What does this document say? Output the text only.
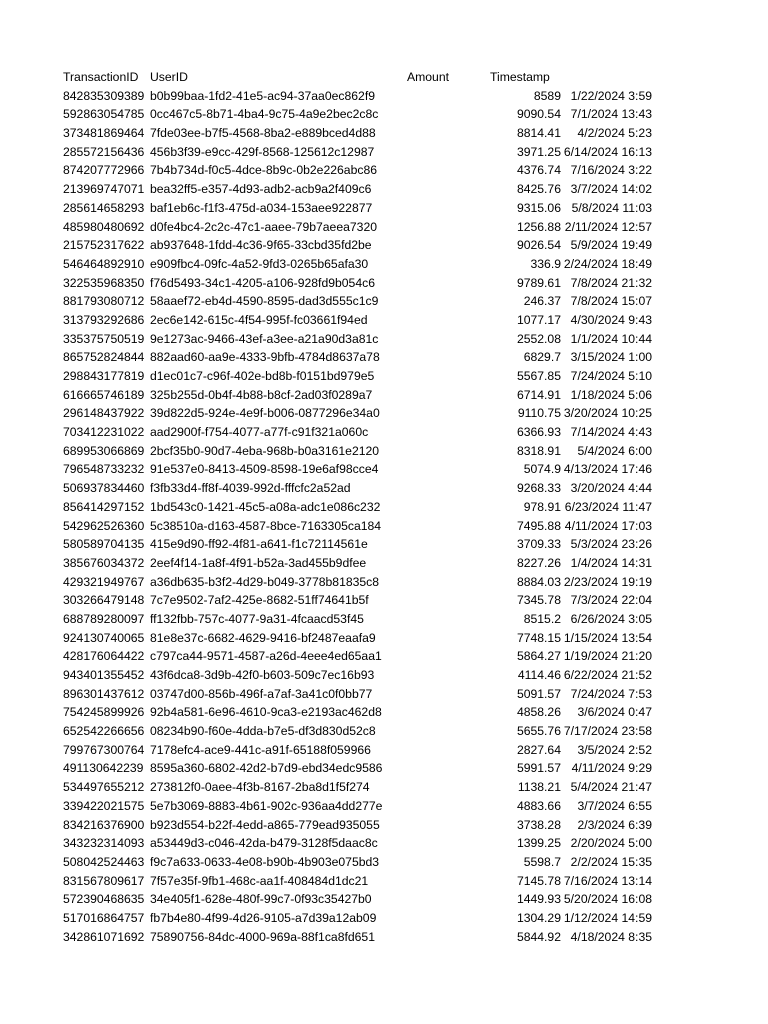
TransactionID UserID	Amount	Timestamp
842835309389 b0b99baa-1fd2-41e5-ac94-37aa0ec862f9	8589 1/22/2024 3:59
592863054785 0cc467c5-8b71-4ba4-9c75-4a9e2bec2c8c	9090.54 7/1/2024 13:43
373481869464 7fde03ee-b7f5-4568-8ba2-e889bced4d88	8814.41 4/2/2024 5:23
285572156436 456b3f39-e9cc-429f-8568-125612c12987	3971.25 6/14/2024 16:13
874207772966 7b4b734d-f0c5-4dce-8b9c-0b2e226abc86	4376.74 7/16/2024 3:22
213969747071 bea32ff5-e357-4d93-adb2-acb9a2f409c6	8425.76 3/7/2024 14:02
285614658293 baf1eb6c-f1f3-475d-a034-153aee922877	9315.06 5/8/2024 11:03
485980480692 d0fe4bc4-2c2c-47c1-aaee-79b7aeea7320	1256.88 2/11/2024 12:57
215752317622 ab937648-1fdd-4c36-9f65-33cbd35fd2be	9026.54 5/9/2024 19:49
546464892910 e909fbc4-09fc-4a52-9fd3-0265b65afa30	336.9 2/24/2024 18:49
322535968350 f76d5493-34c1-4205-a106-928fd9b054c6	9789.61 7/8/2024 21:32
881793080712 58aaef72-eb4d-4590-8595-dad3d555c1c9	246.37 7/8/2024 15:07
313793292686 2ec6e142-615c-4f54-995f-fc03661f94ed	1077.17 4/30/2024 9:43
335375750519 9e1273ac-9466-43ef-a3ee-a21a90d3a81c	2552.08 1/1/2024 10:44
865752824844 882aad60-aa9e-4333-9bfb-4784d8637a78	6829.7 3/15/2024 1:00
298843177819 d1ec01c7-c96f-402e-bd8b-f0151bd979e5	5567.85 7/24/2024 5:10
616665746189 325b255d-0b4f-4b88-b8cf-2ad03f0289a7	6714.91 1/18/2024 5:06
296148437922 39d822d5-924e-4e9f-b006-0877296e34a0	9110.75 3/20/2024 10:25
703412231022 aad2900f-f754-4077-a77f-c91f321a060c	6366.93 7/14/2024 4:43
689953066869 2bcf35b0-90d7-4eba-968b-b0a3161e2120	8318.91 5/4/2024 6:00
796548733232 91e537e0-8413-4509-8598-19e6af98cce4	5074.9 4/13/2024 17:46
506937834460 f3fb33d4-ff8f-4039-992d-fffcfc2a52ad	9268.33 3/20/2024 4:44
856414297152 1bd543c0-1421-45c5-a08a-adc1e086c232	978.91 6/23/2024 11:47
542962526360 5c38510a-d163-4587-8bce-7163305ca184	7495.88 4/11/2024 17:03
580589704135 415e9d90-ff92-4f81-a641-f1c72114561e	3709.33 5/3/2024 23:26
385676034372 2eef4f14-1a8f-4f91-b52a-3ad455b9dfee	8227.26 1/4/2024 14:31
429321949767 a36db635-b3f2-4d29-b049-3778b81835c8	8884.03 2/23/2024 19:19
303266479148 7c7e9502-7af2-425e-8682-51ff74641b5f	7345.78 7/3/2024 22:04
688789280097 ff132fbb-757c-4077-9a31-4fcaacd53f45	8515.2 6/26/2024 3:05
924130740065 81e8e37c-6682-4629-9416-bf2487eaafa9	7748.15 1/15/2024 13:54
428176064422 c797ca44-9571-4587-a26d-4eee4ed65aa1	5864.27 1/19/2024 21:20
943401355452 43f6dca8-3d9b-42f0-b603-509c7ec16b93	4114.46 6/22/2024 21:52
896301437612 03747d00-856b-496f-a7af-3a41c0f0bb77	5091.57 7/24/2024 7:53
754245899926 92b4a581-6e96-4610-9ca3-e2193ac462d8	4858.26 3/6/2024 0:47
652542266656 08234b90-f60e-4dda-b7e5-df3d830d52c8	5655.76 7/17/2024 23:58
799767300764 7178efc4-ace9-441c-a91f-65188f059966	2827.64 3/5/2024 2:52
491130642239 8595a360-6802-42d2-b7d9-ebd34edc9586	5991.57 4/11/2024 9:29
534497655212 273812f0-0aee-4f3b-8167-2ba8d1f5f274	1138.21 5/4/2024 21:47
339422021575 5e7b3069-8883-4b61-902c-936aa4dd277e	4883.66 3/7/2024 6:55
834216376900 b923d554-b22f-4edd-a865-779ead935055	3738.28 2/3/2024 6:39
343232314093 a53449d3-c046-42da-b479-3128f5daac8c	1399.25 2/20/2024 5:00
508042524463 f9c7a633-0633-4e08-b90b-4b903e075bd3	5598.7 2/2/2024 15:35
831567809617 7f57e35f-9fb1-468c-aa1f-408484d1dc21	7145.78 7/16/2024 13:14
572390468635 34e405f1-628e-480f-99c7-0f93c35427b0	1449.93 5/20/2024 16:08
517016864757 fb7b4e80-4f99-4d26-9105-a7d39a12ab09	1304.29 1/12/2024 14:59
342861071692 75890756-84dc-4000-969a-88f1ca8fd651	5844.92 4/18/2024 8:35
